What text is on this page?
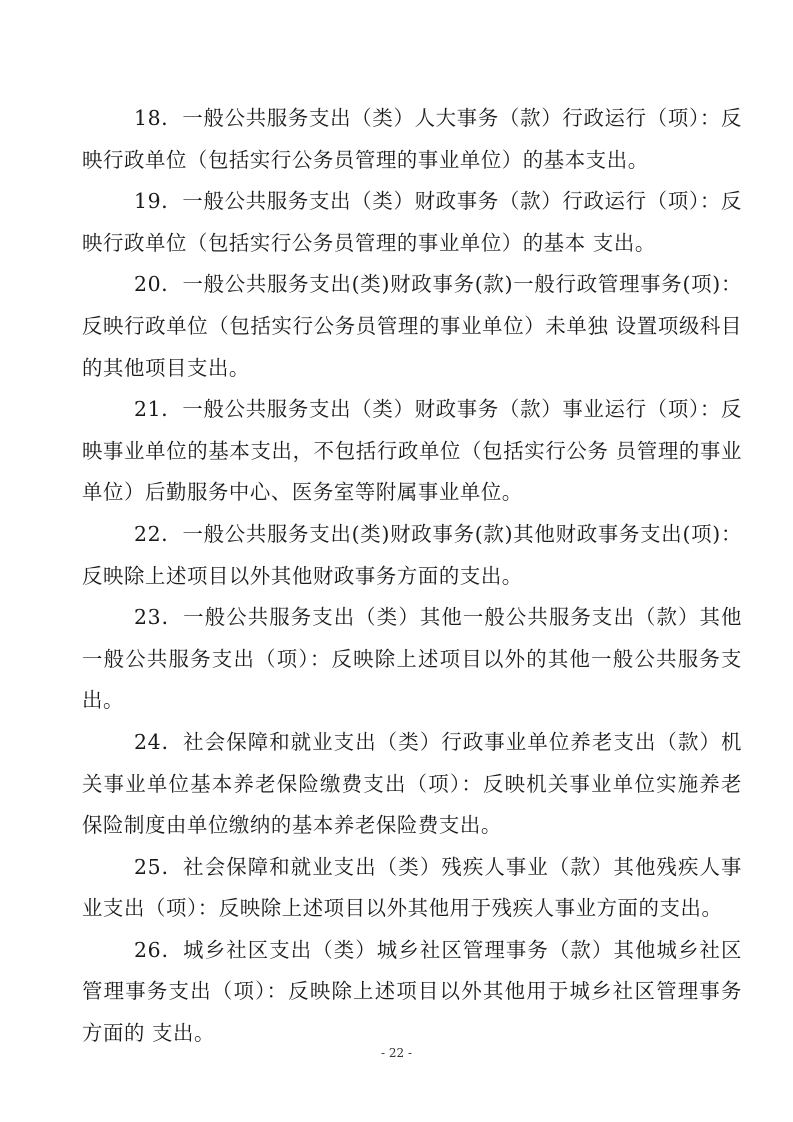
18．一般公共服务支出（类）人大事务（款）行政运行（项）：反映行政单位（包括实行公务员管理的事业单位）的基本支出。

19．一般公共服务支出（类）财政事务（款）行政运行（项）：反映行政单位（包括实行公务员管理的事业单位）的基本 支出。

20．一般公共服务支出(类)财政事务(款)一般行政管理事务(项)：反映行政单位（包括实行公务员管理的事业单位）未单独 设置项级科目的其他项目支出。

21．一般公共服务支出（类）财政事务（款）事业运行（项）：反映事业单位的基本支出，不包括行政单位（包括实行公务 员管理的事业单位）后勤服务中心、医务室等附属事业单位。

22．一般公共服务支出(类)财政事务(款)其他财政事务支出(项)：反映除上述项目以外其他财政事务方面的支出。

23．一般公共服务支出（类）其他一般公共服务支出（款）其他一般公共服务支出（项）：反映除上述项目以外的其他一般公共服务支出。

24．社会保障和就业支出（类）行政事业单位养老支出（款）机关事业单位基本养老保险缴费支出（项）：反映机关事业单位实施养老保险制度由单位缴纳的基本养老保险费支出。

25．社会保障和就业支出（类）残疾人事业（款）其他残疾人事业支出（项）：反映除上述项目以外其他用于残疾人事业方面的支出。

26．城乡社区支出（类）城乡社区管理事务（款）其他城乡社区管理事务支出（项）：反映除上述项目以外其他用于城乡社区管理事务方面的 支出。

- 22 -
